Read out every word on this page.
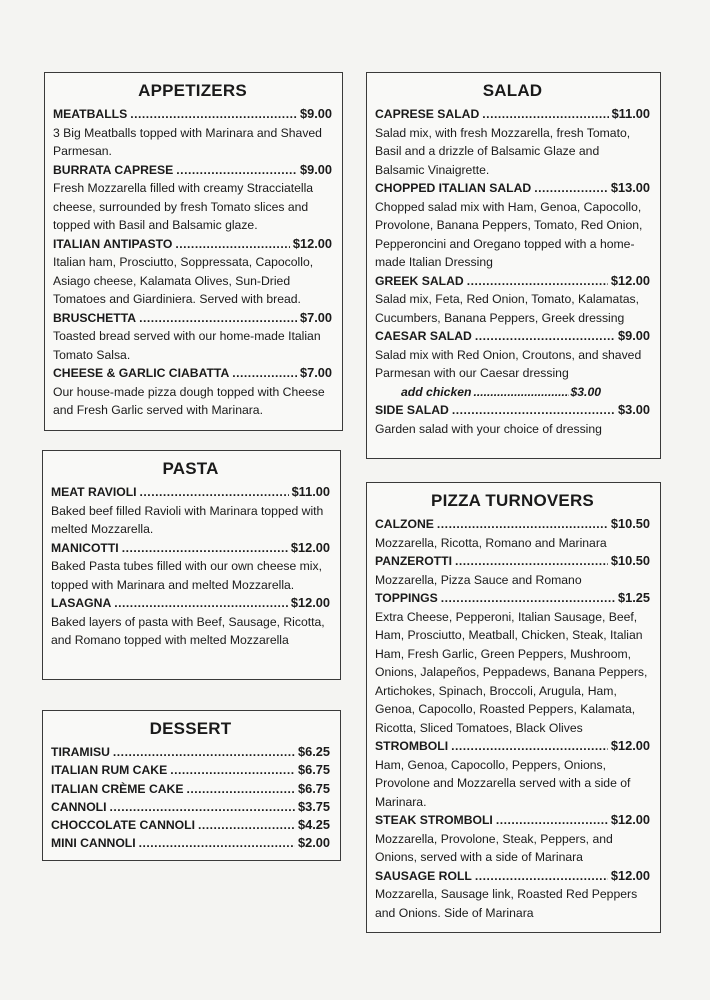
APPETIZERS
MEATBALLS .....	$9.00

3 Big Meatballs topped with Marinara and Shaved Parmesan.

BURRATA CAPRESE .....	$9.00

Fresh Mozzarella filled with creamy Stracciatella cheese, surrounded by fresh Tomato slices and topped with Basil and Balsamic glaze.

ITALIAN ANTIPASTO .....	$12.00

Italian ham, Prosciutto, Soppressata, Capocollo, Asiago cheese, Kalamata Olives, Sun-Dried Tomatoes and Giardiniera. Served with bread.

BRUSCHETTA .....	$7.00

Toasted bread served with our home-made Italian Tomato Salsa.

CHEESE & GARLIC CIABATTA .....	$7.00

Our house-made pizza dough topped with Cheese and Fresh Garlic served with Marinara.

PASTA
MEAT RAVIOLI .....	$11.00

Baked beef filled Ravioli with Marinara topped with melted Mozzarella.

MANICOTTI .....	$12.00

Baked Pasta tubes filled with our own cheese mix, topped with Marinara and melted Mozzarella.

LASAGNA .....	$12.00

Baked layers of pasta with Beef, Sausage, Ricotta, and Romano topped with melted Mozzarella

DESSERT
TIRAMISU .....	$6.25
ITALIAN RUM CAKE .....	$6.75
ITALIAN CRÈME CAKE .....	$6.75
CANNOLI .....	$3.75
CHOCCOLATE CANNOLI .....	$4.25
MINI CANNOLI .....	$2.00
SALAD
CAPRESE SALAD .....	$11.00

Salad mix, with fresh Mozzarella, fresh Tomato, Basil and a drizzle of Balsamic Glaze and Balsamic Vinaigrette.

CHOPPED ITALIAN SALAD .....	$13.00

Chopped salad mix with Ham, Genoa, Capocollo, Provolone, Banana Peppers, Tomato, Red Onion, Pepperoncini and Oregano topped with a home-made Italian Dressing

GREEK SALAD .....	$12.00

Salad mix, Feta, Red Onion, Tomato, Kalamatas, Cucumbers, Banana Peppers, Greek dressing

CAESAR SALAD .....	$9.00

Salad mix with Red Onion, Croutons, and shaved Parmesan with our Caesar dressing

add chicken .....	$3.00
SIDE SALAD .....	$3.00

Garden salad with your choice of dressing

PIZZA TURNOVERS
CALZONE .....	$10.50

Mozzarella, Ricotta, Romano and Marinara

PANZEROTTI .....	$10.50

Mozzarella, Pizza Sauce and Romano

TOPPINGS .....	$1.25

Extra Cheese, Pepperoni, Italian Sausage, Beef, Ham, Prosciutto, Meatball, Chicken, Steak, Italian Ham, Fresh Garlic, Green Peppers, Mushroom, Onions, Jalapeños, Peppadews, Banana Peppers, Artichokes, Spinach, Broccoli, Arugula, Ham, Genoa, Capocollo, Roasted Peppers, Kalamata, Ricotta, Sliced Tomatoes, Black Olives

STROMBOLI .....	$12.00

Ham, Genoa, Capocollo, Peppers, Onions, Provolone and Mozzarella served with a side of Marinara.

STEAK STROMBOLI .....	$12.00

Mozzarella, Provolone, Steak, Peppers, and Onions, served with a side of Marinara

SAUSAGE ROLL .....	$12.00

Mozzarella, Sausage link, Roasted Red Peppers and Onions. Side of Marinara
